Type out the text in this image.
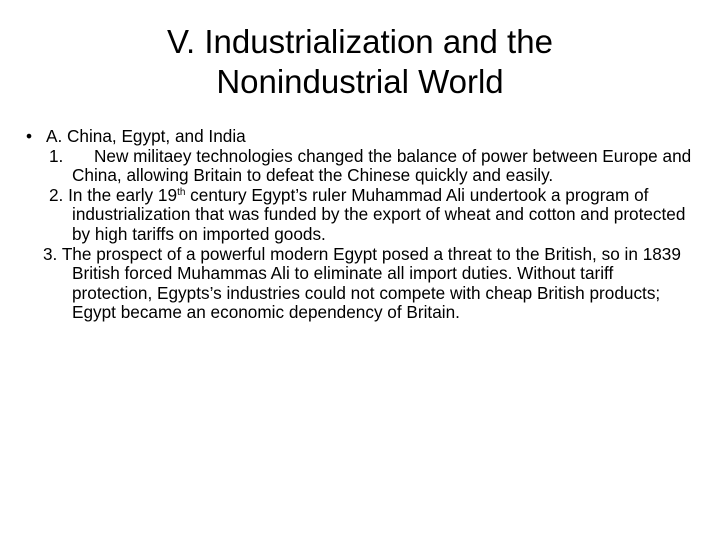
V. Industrialization and the
Nonindustrial World
• A. China, Egypt, and India
1. New militaey technologies changed the balance of power between Europe and China, allowing Britain to defeat the Chinese quickly and easily.
2. In the early 19th century Egypt’s ruler Muhammad Ali undertook a program of industrialization that was funded by the export of wheat and cotton and protected by high tariffs on imported goods.
3. The prospect of a powerful modern Egypt posed a threat to the British, so in 1839 British forced Muhammas Ali to eliminate all import duties. Without tariff protection, Egypts’s industries could not compete with cheap British products; Egypt became an economic dependency of Britain.
